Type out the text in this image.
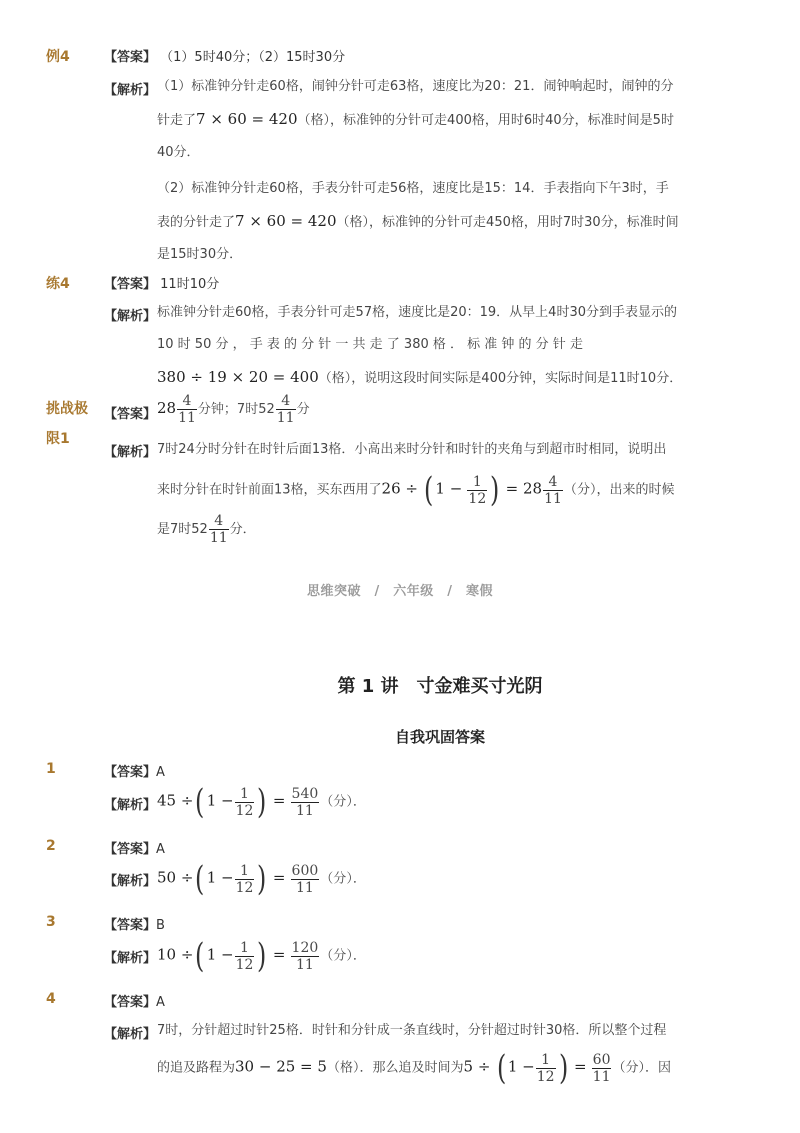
例4	【答案】 （1）5时40分；（2）15时30分
【解析】 （1）标准钟分针走60格，闹钟分针可走63格，速度比为20：21．闹钟响起时，闹钟的分
针走了7 × 60 = 420（格），标准钟的分针可走400格，用时6时40分，标准时间是5时
40分．
（2）标准钟分针走60格，手表分针可走56格，速度比是15：14．手表指向下午3时，手
表的分针走了7 × 60 = 420（格），标准钟的分针可走450格，用时7时30分，标准时间
是15时30分．
练4	【答案】 11时10分
【解析】 标准钟分针走60格，手表分针可走57格，速度比是20：19．从早上4时30分到手表显示的
10 时 50 分 ， 手 表 的 分 针 一 共 走 了 380 格 ． 标 准 钟 的 分 针 走
380 ÷ 19 × 20 = 400（格），说明这段时间实际是400分钟，实际时间是11时10分．
挑战极
限1
【答案】 $28 \frac{4}{11}$ 分钟；7时$52 \frac{4}{11}$ 分
【解析】 7时24分时分针在时针后面13格．小高出来时分针和时针的夹角与到超市时相同，说明出
来时分针在时针前面13格，买东西用了26 ÷ ( $1 - \frac{1}{12}$ ) = $28 \frac{4}{11}$ （分），出来的时候
是7时$52 \frac{4}{11}$ 分．
思维突破　/　六年级　/　寒假
第 1 讲　寸金难买寸光阴
自我巩固答案
1	【答案】A
【解析】 45 ÷( $1 - \frac{1}{12}$ ) = $\frac{540}{11}$ （分）．
2	【答案】A
【解析】 50 ÷( $1 - \frac{1}{12}$ ) = $\frac{600}{11}$ （分）．
3	【答案】B
【解析】 10 ÷( $1 - \frac{1}{12}$ ) = $\frac{120}{11}$ （分）．
4	【答案】A
【解析】 7时，分针超过时针25格．时针和分针成一条直线时，分针超过时针30格．所以整个过程
的追及路程为30 − 25 = 5（格）．那么追及时间为5 ÷ ( $1 - \frac{1}{12}$ ) = $\frac{60}{11}$ （分）．因
